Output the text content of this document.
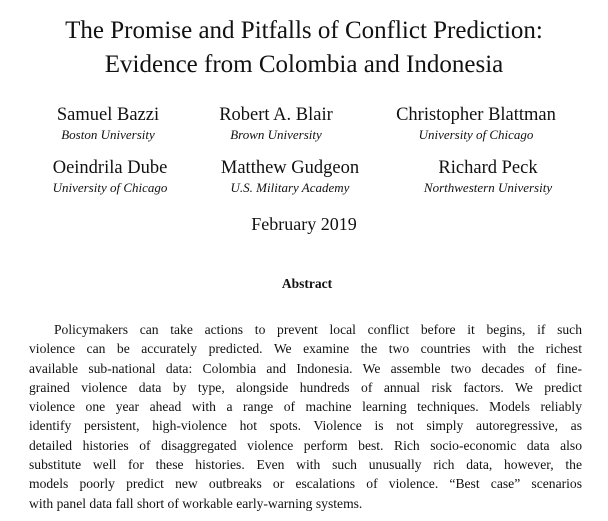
The Promise and Pitfalls of Conflict Prediction:
Evidence from Colombia and Indonesia
Samuel Bazzi
Boston University
Robert A. Blair
Brown University
Christopher Blattman
University of Chicago
Oeindrila Dube
University of Chicago
Matthew Gudgeon
U.S. Military Academy
Richard Peck
Northwestern University
February 2019
Abstract
Policymakers can take actions to prevent local conflict before it begins, if such
violence can be accurately predicted. We examine the two countries with the richest
available sub-national data: Colombia and Indonesia. We assemble two decades of fine-
grained violence data by type, alongside hundreds of annual risk factors. We predict
violence one year ahead with a range of machine learning techniques. Models reliably
identify persistent, high-violence hot spots. Violence is not simply autoregressive, as
detailed histories of disaggregated violence perform best. Rich socio-economic data also
substitute well for these histories. Even with such unusually rich data, however, the
models poorly predict new outbreaks or escalations of violence. “Best case” scenarios
with panel data fall short of workable early-warning systems.
